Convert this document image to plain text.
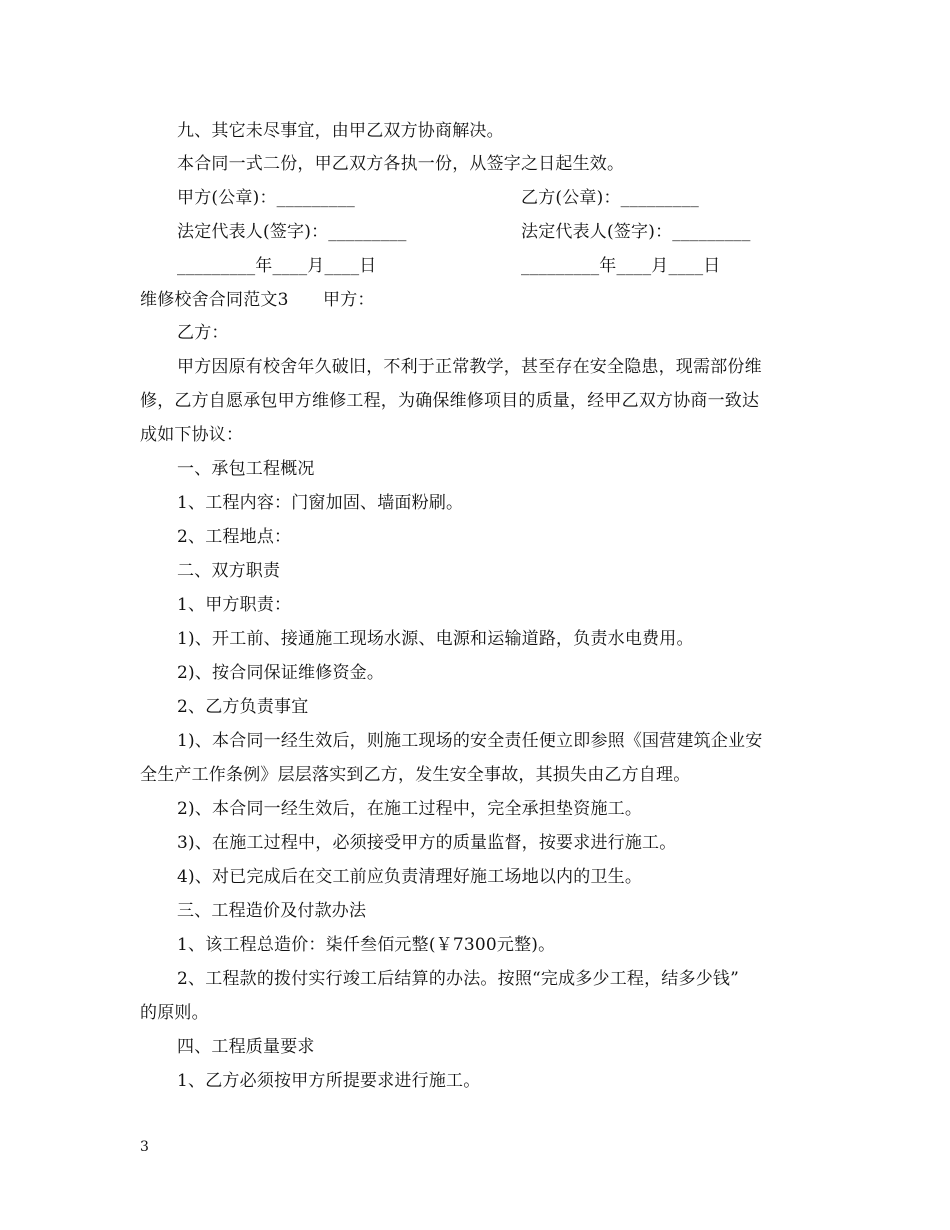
九、其它未尽事宜，由甲乙双方协商解决。
本合同一式二份，甲乙双方各执一份，从签字之日起生效。
甲方(公章)：_________	乙方(公章)：_________
法定代表人(签字)：_________	法定代表人(签字)：_________
_________年____月____日	_________年____月____日
维修校舍合同范文3　　甲方：
乙方：
甲方因原有校舍年久破旧，不利于正常教学，甚至存在安全隐患，现需部份维
修，乙方自愿承包甲方维修工程，为确保维修项目的质量，经甲乙双方协商一致达
成如下协议：
一、承包工程概况
1、工程内容：门窗加固、墙面粉刷。
2、工程地点：
二、双方职责
1、甲方职责：
1)、开工前、接通施工现场水源、电源和运输道路，负责水电费用。
2)、按合同保证维修资金。
2、乙方负责事宜
1)、本合同一经生效后，则施工现场的安全责任便立即参照《国营建筑企业安
全生产工作条例》层层落实到乙方，发生安全事故，其损失由乙方自理。
2)、本合同一经生效后，在施工过程中，完全承担垫资施工。
3)、在施工过程中，必须接受甲方的质量监督，按要求进行施工。
4)、对已完成后在交工前应负责清理好施工场地以内的卫生。
三、工程造价及付款办法
1、该工程总造价：柒仟叁佰元整(￥7300元整)。
2、工程款的拨付实行竣工后结算的办法。按照“完成多少工程，结多少钱”
的原则。
四、工程质量要求
1、乙方必须按甲方所提要求进行施工。
3
